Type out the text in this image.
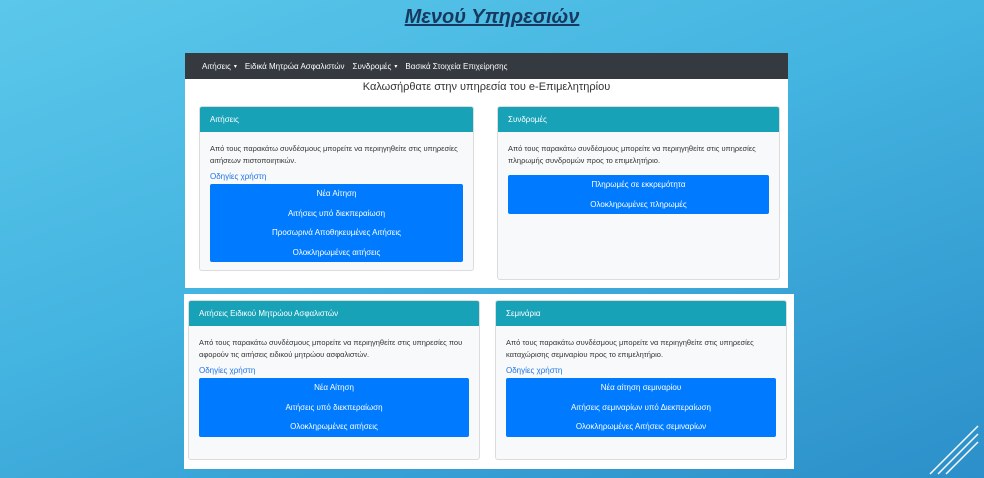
Μενού Υπηρεσιών
Αιτήσεις ▾ Ειδικά Μητρώα Ασφαλιστών Συνδρομές ▾ Βασικά Στοιχεία Επιχείρησης
Καλωσήρθατε στην υπηρεσία του e-Επιμελητηρίου
Αιτήσεις
Από τους παρακάτω συνδέσμους μπορείτε να περιηγηθείτε στις υπηρεσίες αιτήσεων πιστοποιητικών.
Οδηγίες χρήστη
Νέα Αίτηση
Αιτήσεις υπό διεκπεραίωση
Προσωρινά Αποθηκευμένες Αιτήσεις
Ολοκληρωμένες αιτήσεις
Συνδρομές
Από τους παρακάτω συνδέσμους μπορείτε να περιηγηθείτε στις υπηρεσίες πληρωμής συνδρομών προς το επιμελητήριο.
Πληρωμές σε εκκρεμότητα
Ολοκληρωμένες πληρωμές
Αιτήσεις Ειδικού Μητρώου Ασφαλιστών
Από τους παρακάτω συνδέσμους μπορείτε να περιηγηθείτε στις υπηρεσίες που αφορούν τις αιτήσεις ειδικού μητρώου ασφαλιστών.
Οδηγίες χρήστη
Νέα Αίτηση
Αιτήσεις υπό διεκπεραίωση
Ολοκληρωμένες αιτήσεις
Σεμινάρια
Από τους παρακάτω συνδέσμους μπορείτε να περιηγηθείτε στις υπηρεσίες καταχώρισης σεμιναρίου προς το επιμελητήριο.
Οδηγίες χρήστη
Νέα αίτηση σεμιναρίου
Αιτήσεις σεμιναρίων υπό Διεκπεραίωση
Ολοκληρωμένες Αιτήσεις σεμιναρίων
